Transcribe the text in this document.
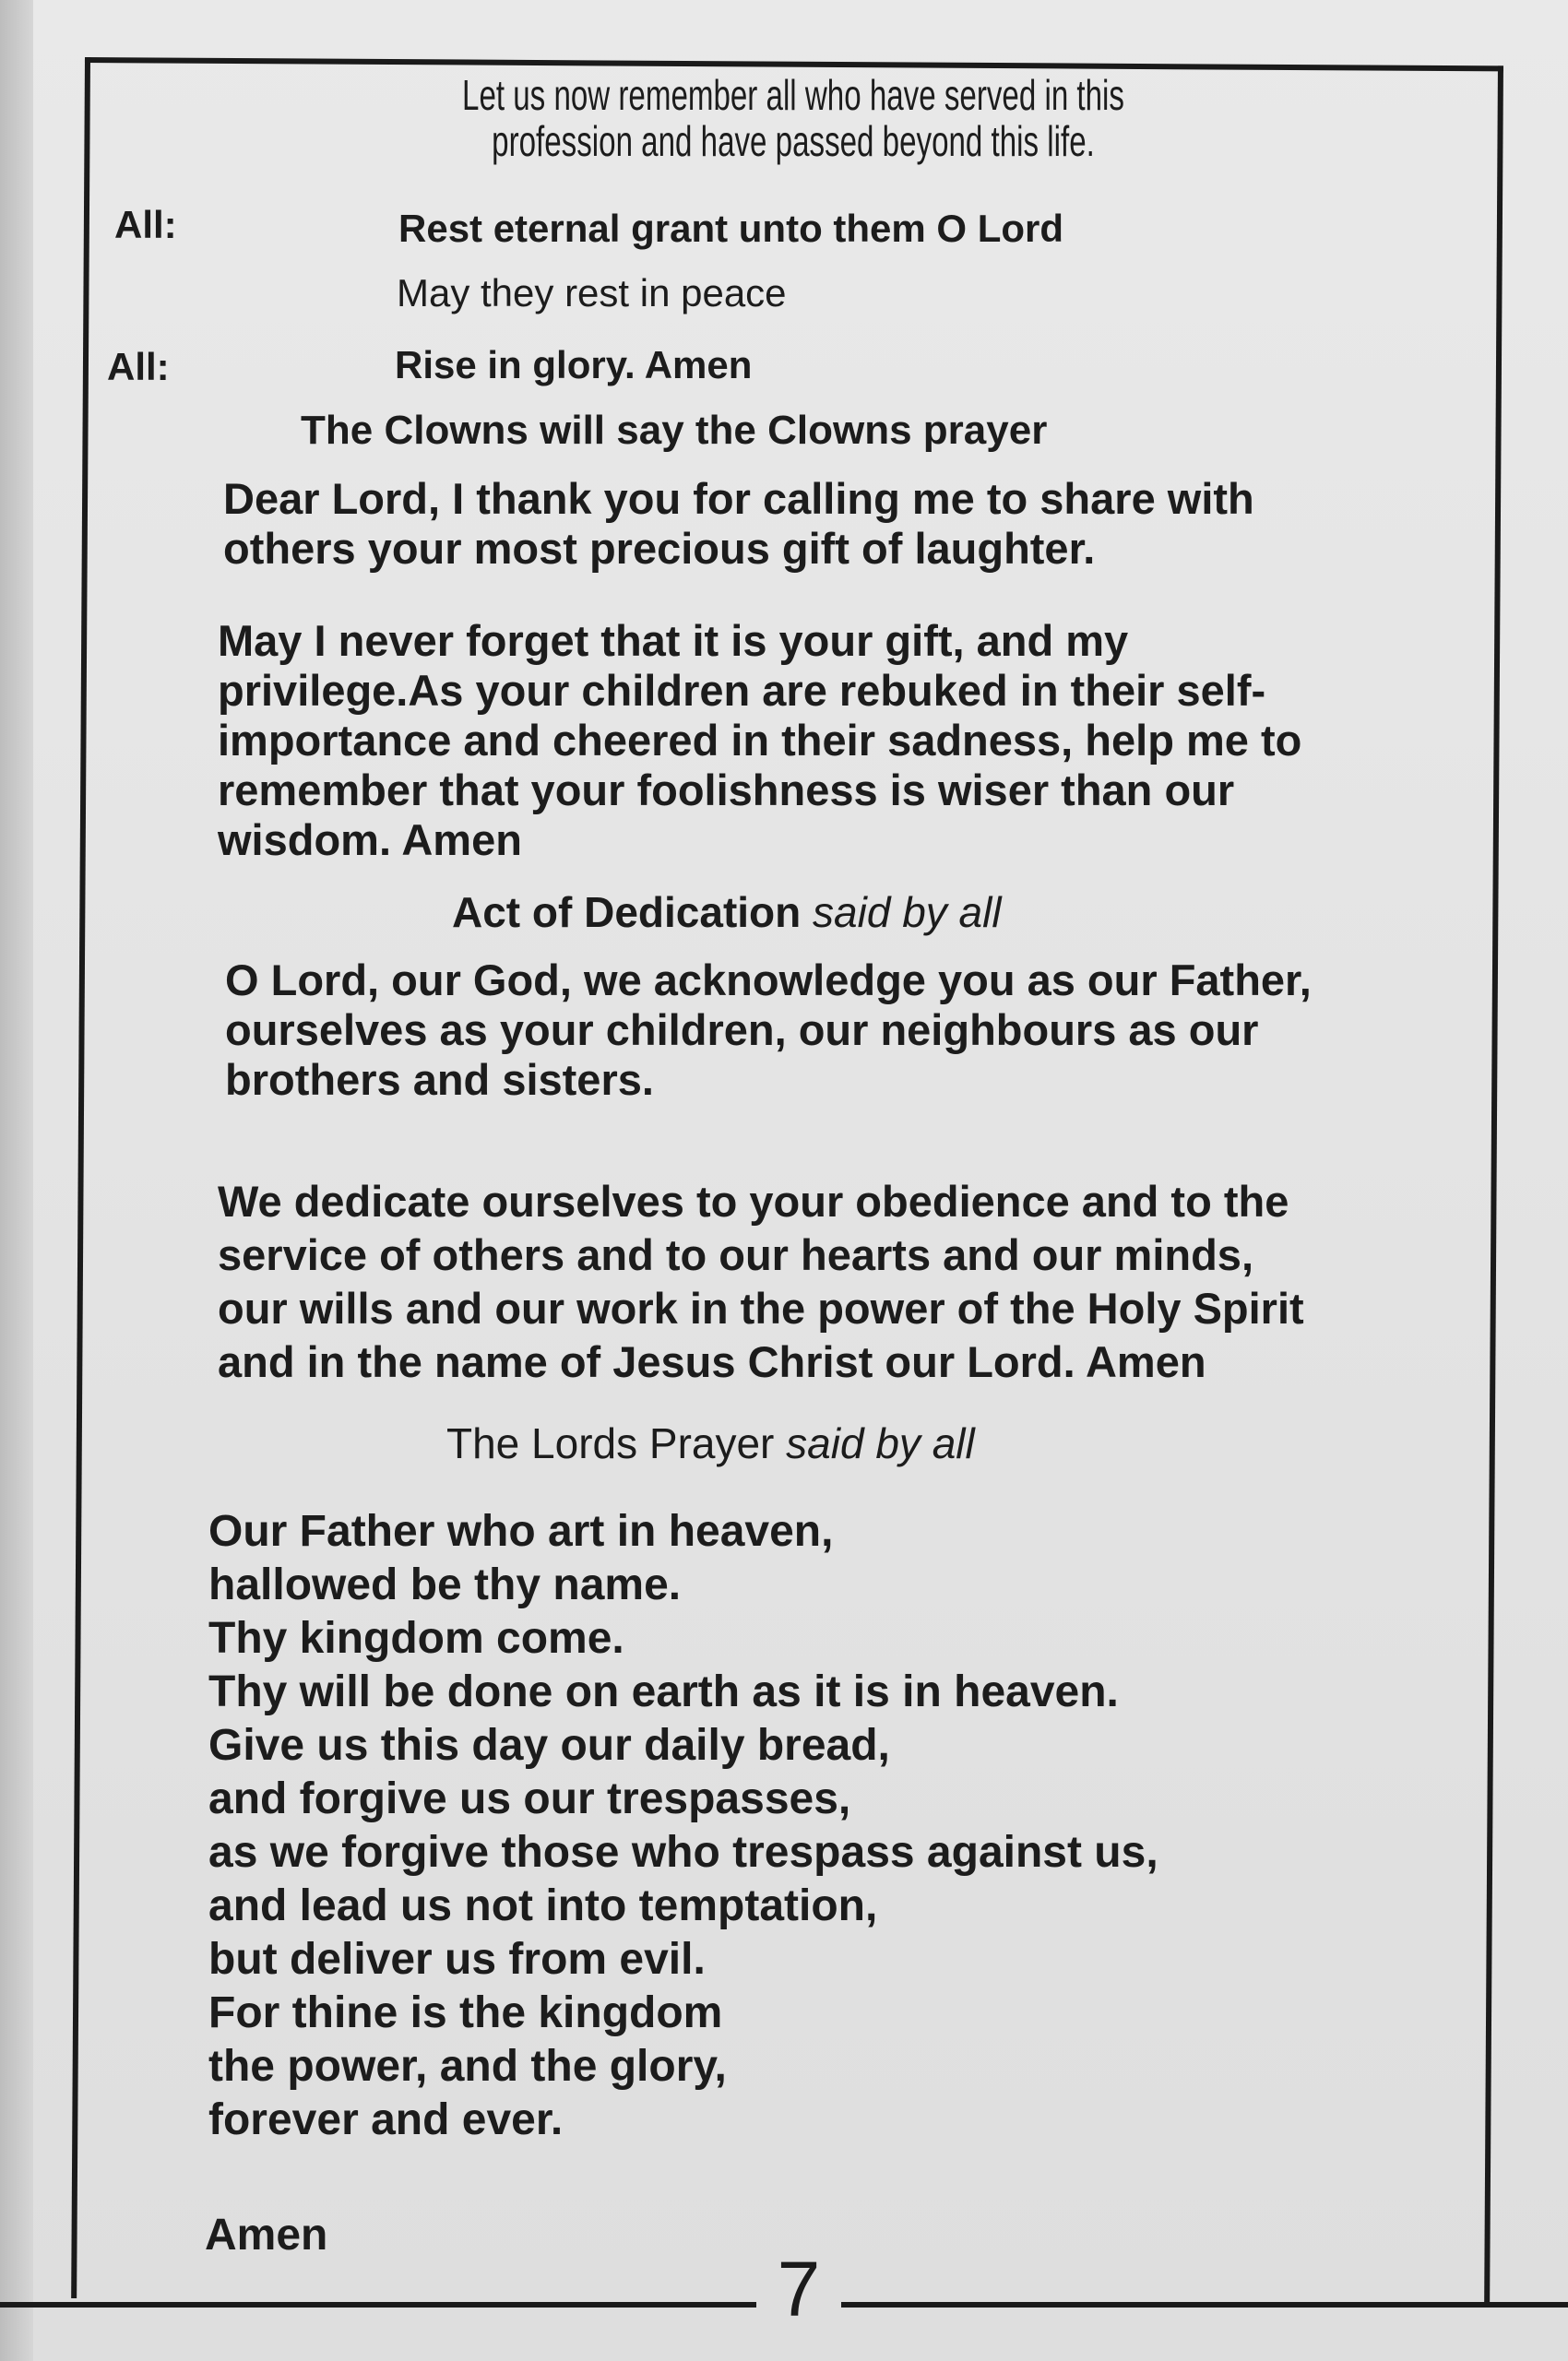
7
Let us now remember all who have served in this
profession and have passed beyond this life.
All:	Rest eternal grant unto them O Lord
May they rest in peace
All:	Rise in glory. Amen
The Clowns will say the Clowns prayer
Dear Lord, I thank you for calling me to share with
others your most precious gift of laughter.
May I never forget that it is your gift, and my
privilege.As your children are rebuked in their self-
importance and cheered in their sadness, help me to
remember that your foolishness is wiser than our
wisdom. Amen
Act of Dedication said by all
O Lord, our God, we acknowledge you as our Father,
ourselves as your children, our neighbours as our
brothers and sisters.
We dedicate ourselves to your obedience and to the
service of others and to our hearts and our minds,
our wills and our work in the power of the Holy Spirit
and in the name of Jesus Christ our Lord. Amen
The Lords Prayer said by all
Our Father who art in heaven,
hallowed be thy name.
Thy kingdom come.
Thy will be done on earth as it is in heaven.
Give us this day our daily bread,
and forgive us our trespasses,
as we forgive those who trespass against us,
and lead us not into temptation,
but deliver us from evil.
For thine is the kingdom
the power, and the glory,
forever and ever.
Amen
